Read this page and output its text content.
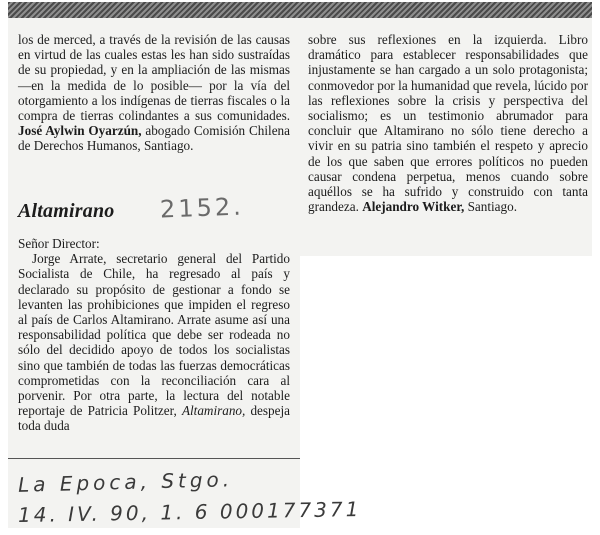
los de merced, a través de la revisión de las causas en virtud de las cuales estas les han sido sustraídas de su propiedad, y en la ampliación de las mismas —en la medida de lo posible— por la vía del otorgamiento a los indígenas de tierras fiscales o la compra de tierras colindantes a sus comunidades. José Aylwin Oyarzún, abogado Comisión Chilena de Derechos Humanos, Santiago.

Altamirano 2152.

Señor Director:

Jorge Arrate, secretario general del Partido Socialista de Chile, ha regresado al país y declarado su propósito de gestionar a fondo se levanten las prohibiciones que impiden el regreso al país de Carlos Altamirano. Arrate asume así una responsabilidad política que debe ser rodeada no sólo del decidido apoyo de todos los socialistas sino que también de todas las fuerzas democráticas comprometidas con la reconciliación cara al porvenir. Por otra parte, la lectura del notable reportaje de Patricia Politzer, Altamirano, despeja toda duda

sobre sus reflexiones en la izquierda. Libro dramático para establecer responsabilidades que injustamente se han cargado a un solo protagonista; conmovedor por la humanidad que revela, lúcido por las reflexiones sobre la crisis y perspectiva del socialismo; es un testimonio abrumador para concluir que Altamirano no sólo tiene derecho a vivir en su patria sino también el respeto y aprecio de los que saben que errores políticos no pueden causar condena perpetua, menos cuando sobre aquéllos se ha sufrido y construido con tanta grandeza. Alejandro Witker, Santiago.

La Epoca, Stgo.
14. IV. 90, 1. 6 000177371
